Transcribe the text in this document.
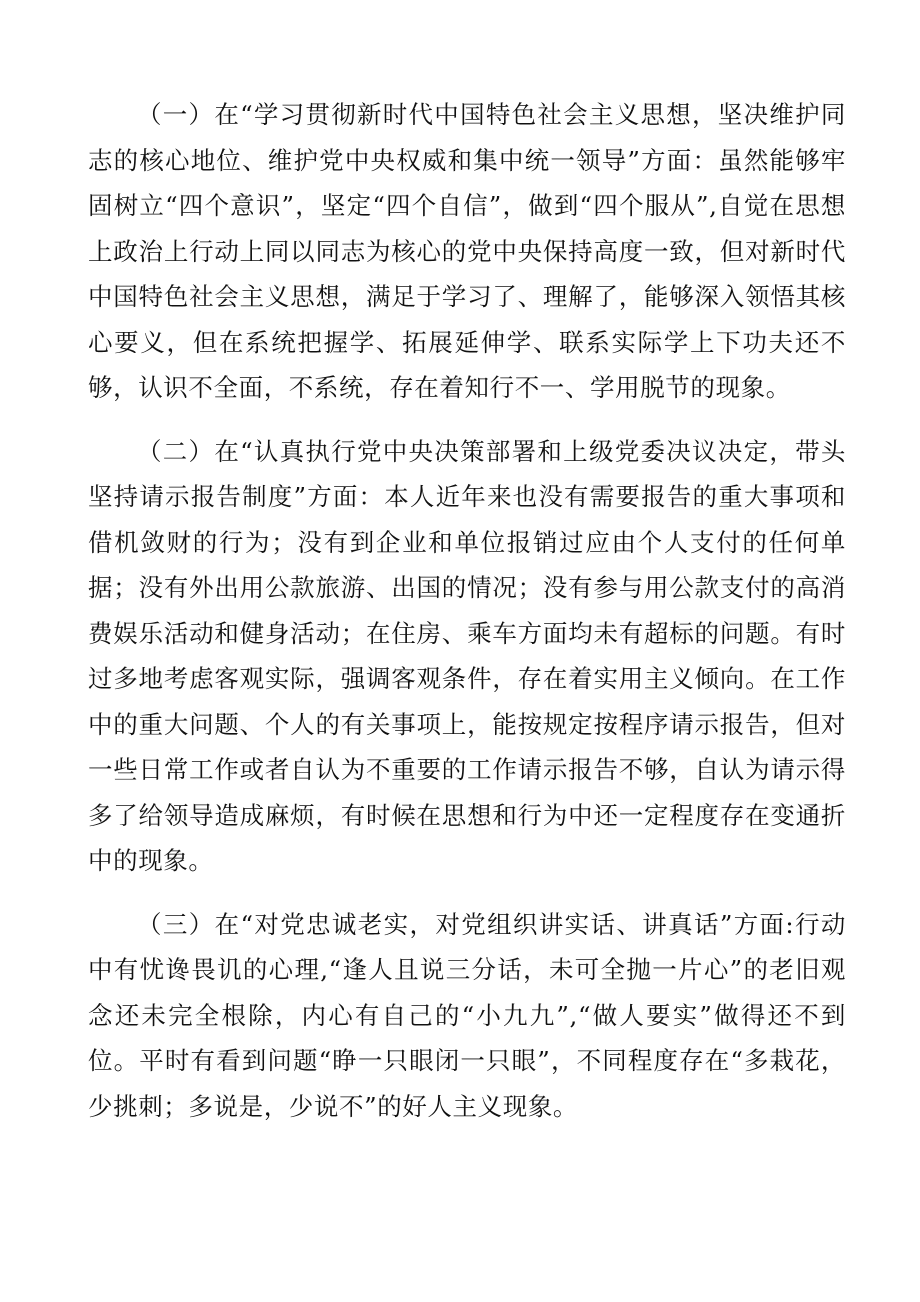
（一）在“学习贯彻新时代中国特色社会主义思想，坚决维护同志的核心地位、维护党中央权威和集中统一领导”方面：虽然能够牢固树立“四个意识”，坚定“四个自信”，做到“四个服从”,自觉在思想上政治上行动上同以同志为核心的党中央保持高度一致，但对新时代中国特色社会主义思想，满足于学习了、理解了，能够深入领悟其核心要义，但在系统把握学、拓展延伸学、联系实际学上下功夫还不够，认识不全面，不系统，存在着知行不一、学用脱节的现象。

（二）在“认真执行党中央决策部署和上级党委决议决定，带头坚持请示报告制度”方面：本人近年来也没有需要报告的重大事项和借机敛财的行为；没有到企业和单位报销过应由个人支付的任何单据；没有外出用公款旅游、出国的情况；没有参与用公款支付的高消费娱乐活动和健身活动；在住房、乘车方面均未有超标的问题。有时过多地考虑客观实际，强调客观条件，存在着实用主义倾向。在工作中的重大问题、个人的有关事项上，能按规定按程序请示报告，但对一些日常工作或者自认为不重要的工作请示报告不够，自认为请示得多了给领导造成麻烦，有时候在思想和行为中还一定程度存在变通折中的现象。

（三）在“对党忠诚老实，对党组织讲实话、讲真话”方面:行动中有忧谗畏讥的心理,“逢人且说三分话，未可全抛一片心”的老旧观念还未完全根除，内心有自己的“小九九”,“做人要实”做得还不到位。平时有看到问题“睁一只眼闭一只眼”，不同程度存在“多栽花，少挑刺；多说是，少说不”的好人主义现象。
